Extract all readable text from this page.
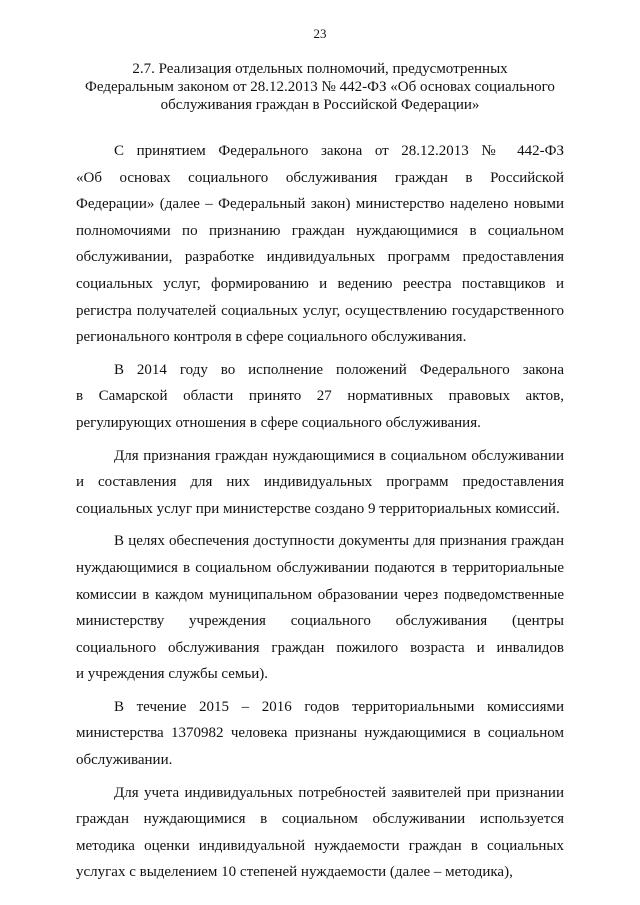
23
2.7. Реализация отдельных полномочий, предусмотренных
Федеральным законом от 28.12.2013 № 442-ФЗ «Об основах социального
обслуживания граждан в Российской Федерации»
С принятием Федерального закона от 28.12.2013 № 442-ФЗ
«Об основах социального обслуживания граждан в Российской
Федерации» (далее – Федеральный закон) министерство наделено новыми
полномочиями по признанию граждан нуждающимися в социальном
обслуживании, разработке индивидуальных программ предоставления
социальных услуг, формированию и ведению реестра поставщиков и
регистра получателей социальных услуг, осуществлению государственного
регионального контроля в сфере социального обслуживания.
В 2014 году во исполнение положений Федерального закона
в Самарской области принято 27 нормативных правовых актов,
регулирующих отношения в сфере социального обслуживания.
Для признания граждан нуждающимися в социальном обслуживании
и составления для них индивидуальных программ предоставления
социальных услуг при министерстве создано 9 территориальных комиссий.
В целях обеспечения доступности документы для признания граждан
нуждающимися в социальном обслуживании подаются в территориальные
комиссии в каждом муниципальном образовании через подведомственные
министерству учреждения социального обслуживания (центры
социального обслуживания граждан пожилого возраста и инвалидов
и учреждения службы семьи).
В течение 2015 – 2016 годов территориальными комиссиями
министерства 1370982 человека признаны нуждающимися в социальном
обслуживании.
Для учета индивидуальных потребностей заявителей при признании
граждан нуждающимися в социальном обслуживании используется
методика оценки индивидуальной нуждаемости граждан в социальных
услугах с выделением 10 степеней нуждаемости (далее – методика),
